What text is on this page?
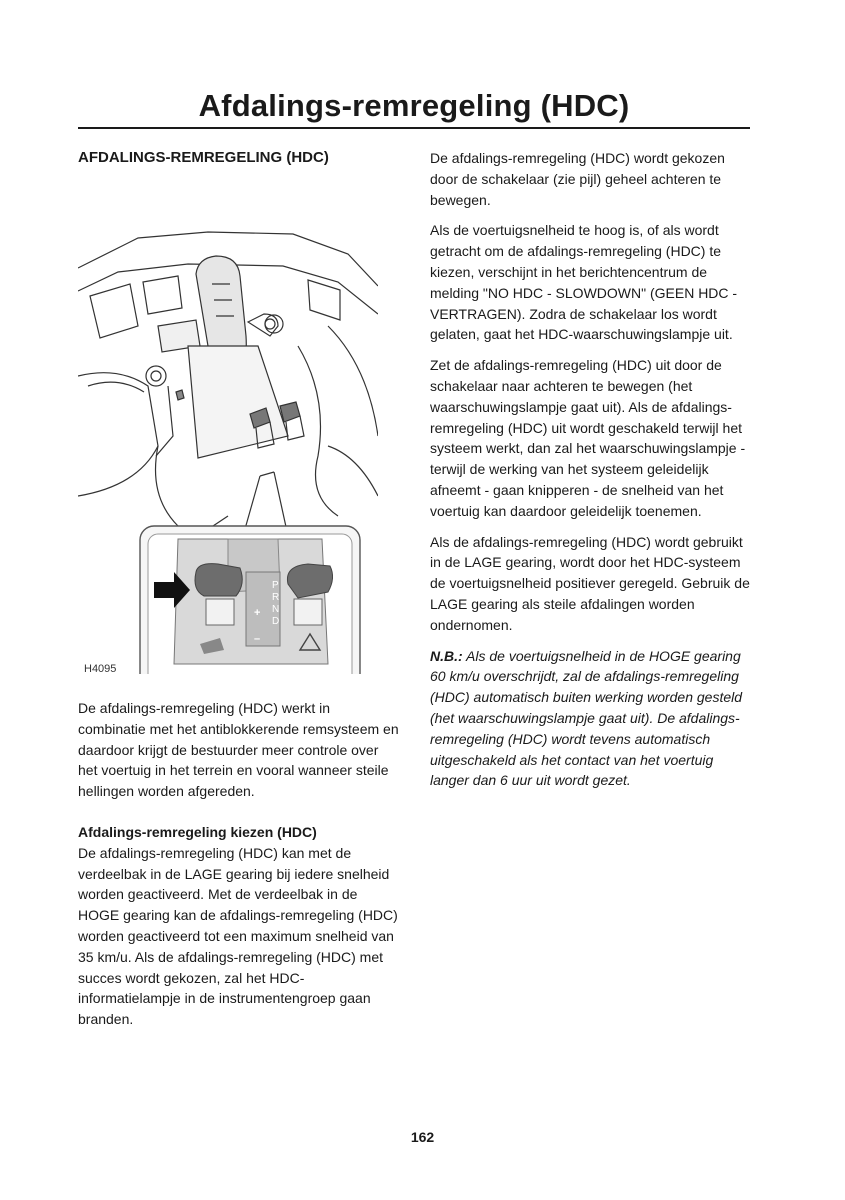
Afdalings-remregeling (HDC)
AFDALINGS-REMREGELING (HDC)
P
R
N
D
+
–
H4095

De afdalings-remregeling (HDC) werkt in combinatie met het antiblokkerende remsysteem en daardoor krijgt de bestuurder meer controle over het voertuig in het terrein en vooral wanneer steile hellingen worden afgereden.

Afdalings-remregeling kiezen (HDC)

De afdalings-remregeling (HDC) kan met de verdeelbak in de LAGE gearing bij iedere snelheid worden geactiveerd. Met de verdeelbak in de HOGE gearing kan de afdalings-remregeling (HDC) worden geactiveerd tot een maximum snelheid van 35 km/u. Als de afdalings-remregeling (HDC) met succes wordt gekozen, zal het HDC-informatielampje in de instrumentengroep gaan branden.

De afdalings-remregeling (HDC) wordt gekozen door de schakelaar (zie pijl) geheel achteren te bewegen.

Als de voertuigsnelheid te hoog is, of als wordt getracht om de afdalings-remregeling (HDC) te kiezen, verschijnt in het berichtencentrum de melding "NO HDC - SLOWDOWN" (GEEN HDC - VERTRAGEN). Zodra de schakelaar los wordt gelaten, gaat het HDC-waarschuwingslampje uit.

Zet de afdalings-remregeling (HDC) uit door de schakelaar naar achteren te bewegen (het waarschuwingslampje gaat uit). Als de afdalings-remregeling (HDC) uit wordt geschakeld terwijl het systeem werkt, dan zal het waarschuwingslampje - terwijl de werking van het systeem geleidelijk afneemt - gaan knipperen - de snelheid van het voertuig kan daardoor geleidelijk toenemen.

Als de afdalings-remregeling (HDC) wordt gebruikt in de LAGE gearing, wordt door het HDC-systeem de voertuigsnelheid positiever geregeld. Gebruik de LAGE gearing als steile afdalingen worden ondernomen.

N.B.: Als de voertuigsnelheid in de HOGE gearing 60 km/u overschrijdt, zal de afdalings-remregeling (HDC) automatisch buiten werking worden gesteld (het waarschuwingslampje gaat uit). De afdalings-remregeling (HDC) wordt tevens automatisch uitgeschakeld als het contact van het voertuig langer dan 6 uur uit wordt gezet.

162
